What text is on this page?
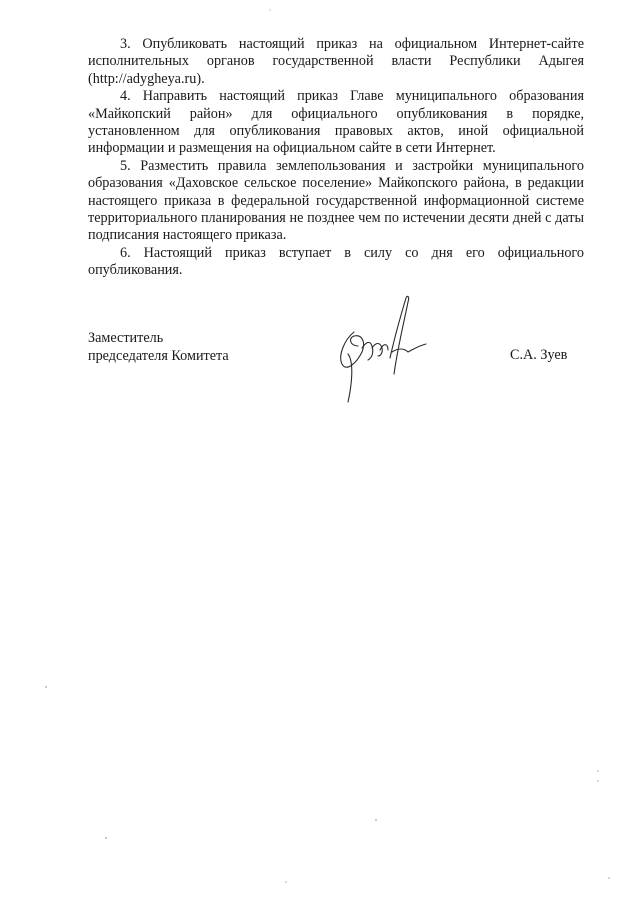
3. Опубликовать настоящий приказ на официальном Интернет-сайте исполнительных органов государственной власти Республики Адыгея (http://adygheya.ru).

4. Направить настоящий приказ Главе муниципального образования «Майкопский район» для официального опубликования в порядке, установленном для опубликования правовых актов, иной официальной информации и размещения на официальном сайте в сети Интернет.

5. Разместить правила землепользования и застройки муниципального образования «Даховское сельское поселение» Майкопского района, в редакции настоящего приказа в федеральной государственной информационной системе территориального планирования не позднее чем по истечении десяти дней с даты подписания настоящего приказа.

6. Настоящий приказ вступает в силу со дня его официального опубликования.

Заместитель
председателя Комитета	С.А. Зуев
